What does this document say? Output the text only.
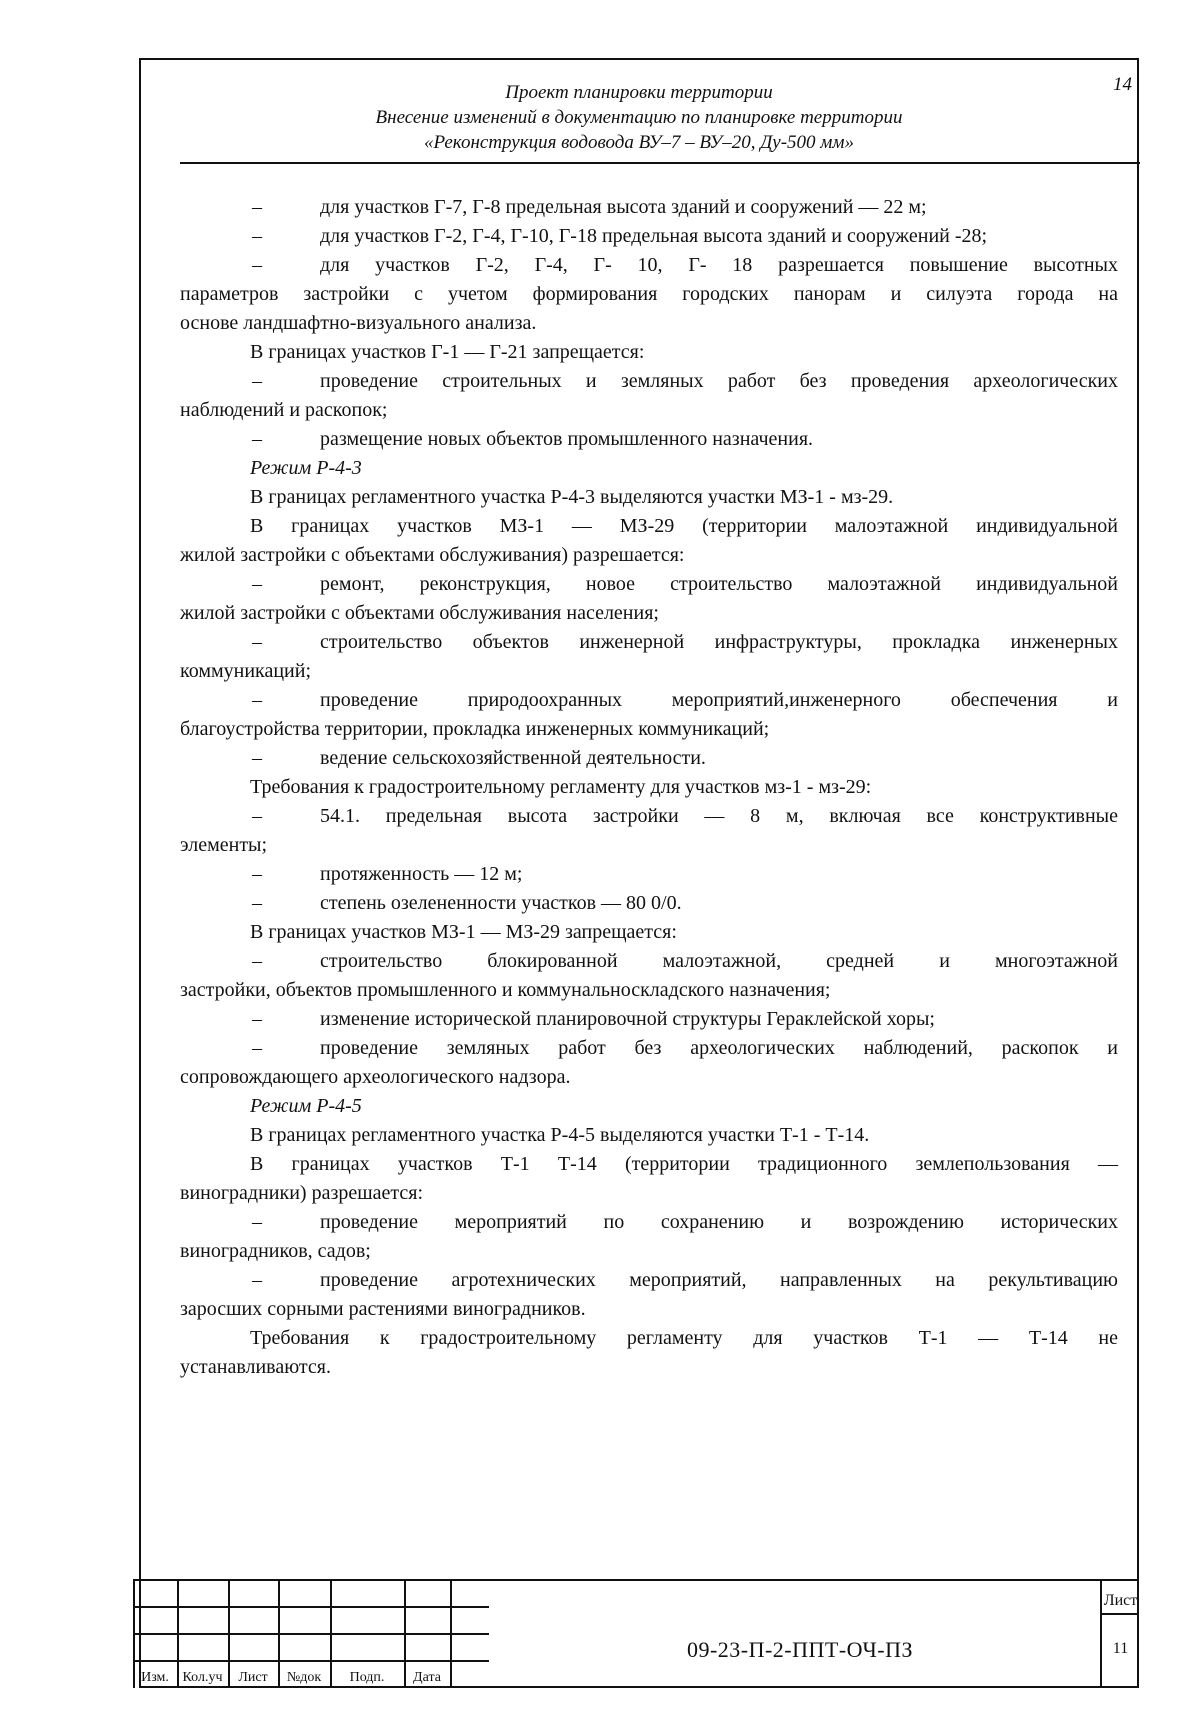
14
Проект планировки территории
Внесение изменений в документацию по планировке территории
«Реконструкция водовода ВУ–7 – ВУ–20, Ду-500 мм»
–	для участков Г-7, Г-8 предельная высота зданий и сооружений — 22 м;
–	для участков Г-2, Г-4, Г-10, Г-18 предельная высота зданий и сооружений -28;
–	для участков Г-2, Г-4, Г- 10, Г- 18 разрешается повышение высотных
параметров застройки с учетом формирования городских панорам и силуэта города на
основе ландшафтно-визуального анализа.
В границах участков Г-1 — Г-21 запрещается:
–	проведение строительных и земляных работ без проведения археологических
наблюдений и раскопок;
–	размещение новых объектов промышленного назначения.
Режим Р-4-3
В границах регламентного участка Р-4-3 выделяются участки МЗ-1 - мз-29.
В границах участков МЗ-1 — МЗ-29 (территории малоэтажной индивидуальной
жилой застройки с объектами обслуживания) разрешается:
–	ремонт, реконструкция, новое строительство малоэтажной индивидуальной
жилой застройки с объектами обслуживания населения;
–	строительство объектов инженерной инфраструктуры, прокладка инженерных
коммуникаций;
–	проведение природоохранных мероприятий,инженерного обеспечения и
благоустройства территории, прокладка инженерных коммуникаций;
–	ведение сельскохозяйственной деятельности.
Требования к градостроительному регламенту для участков мз-1 - мз-29:
–	54.1. предельная высота застройки — 8 м, включая все конструктивные
элементы;
–	протяженность — 12 м;
–	степень озелененности участков — 80 0/0.
В границах участков МЗ-1 — МЗ-29 запрещается:
–	строительство блокированной малоэтажной, средней и многоэтажной
застройки, объектов промышленного и коммунальноскладского назначения;
–	изменение исторической планировочной структуры Гераклейской хоры;
–	проведение земляных работ без археологических наблюдений, раскопок и
сопровождающего археологического надзора.
Режим Р-4-5
В границах регламентного участка Р-4-5 выделяются участки Т-1 - Т-14.
В границах участков Т-1 Т-14 (территории традиционного землепользования —
виноградники) разрешается:
–	проведение мероприятий по сохранению и возрождению исторических
виноградников, садов;
–	проведение агротехнических мероприятий, направленных на рекультивацию
заросших сорными растениями виноградников.
Требования к градостроительному регламенту для участков Т-1 — Т-14 не
устанавливаются.
Изм. Кол.уч	Лист	№док	Подп.	Дата
09-23-П-2-ППТ-ОЧ-ПЗ
Лист
11
